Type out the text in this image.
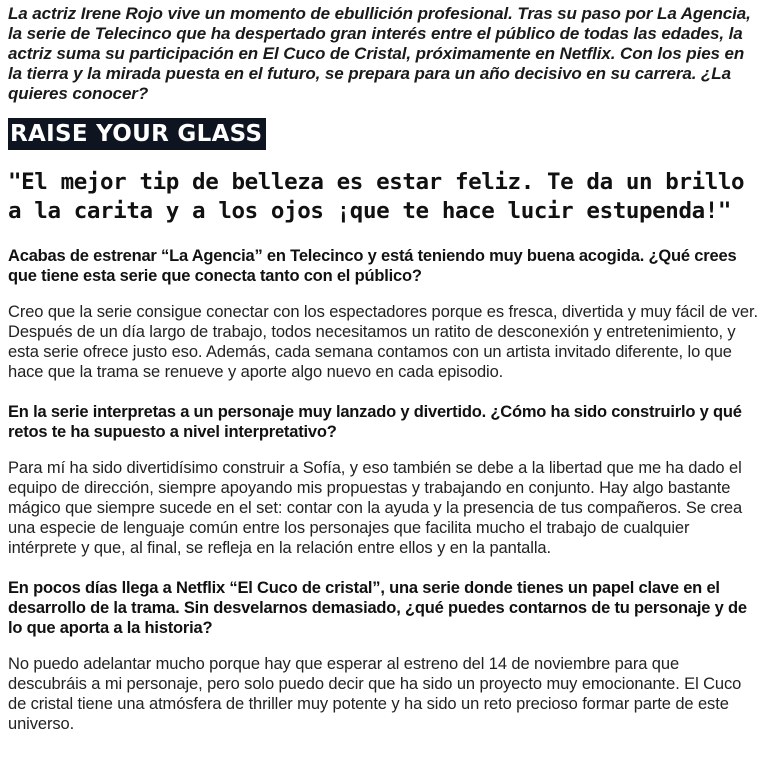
La actriz Irene Rojo vive un momento de ebullición profesional. Tras su paso por La Agencia, la serie de Telecinco que ha despertado gran interés entre el público de todas las edades, la actriz suma su participación en El Cuco de Cristal, próximamente en Netflix. Con los pies en la tierra y la mirada puesta en el futuro, se prepara para un año decisivo en su carrera. ¿La quieres conocer?

RAISE YOUR GLASS

"El mejor tip de belleza es estar feliz. Te da un brillo a la carita y a los ojos ¡que te hace lucir estupenda!"

Acabas de estrenar “La Agencia” en Telecinco y está teniendo muy buena acogida. ¿Qué crees que tiene esta serie que conecta tanto con el público?

Creo que la serie consigue conectar con los espectadores porque es fresca, divertida y muy fácil de ver. Después de un día largo de trabajo, todos necesitamos un ratito de desconexión y entretenimiento, y esta serie ofrece justo eso. Además, cada semana contamos con un artista invitado diferente, lo que hace que la trama se renueve y aporte algo nuevo en cada episodio.

En la serie interpretas a un personaje muy lanzado y divertido. ¿Cómo ha sido construirlo y qué retos te ha supuesto a nivel interpretativo?

Para mí ha sido divertidísimo construir a Sofía, y eso también se debe a la libertad que me ha dado el equipo de dirección, siempre apoyando mis propuestas y trabajando en conjunto. Hay algo bastante mágico que siempre sucede en el set: contar con la ayuda y la presencia de tus compañeros. Se crea una especie de lenguaje común entre los personajes que facilita mucho el trabajo de cualquier intérprete y que, al final, se refleja en la relación entre ellos y en la pantalla.

En pocos días llega a Netflix “El Cuco de cristal”, una serie donde tienes un papel clave en el desarrollo de la trama. Sin desvelarnos demasiado, ¿qué puedes contarnos de tu personaje y de lo que aporta a la historia?

No puedo adelantar mucho porque hay que esperar al estreno del 14 de noviembre para que descubráis a mi personaje, pero solo puedo decir que ha sido un proyecto muy emocionante. El Cuco de cristal tiene una atmósfera de thriller muy potente y ha sido un reto precioso formar parte de este universo.
